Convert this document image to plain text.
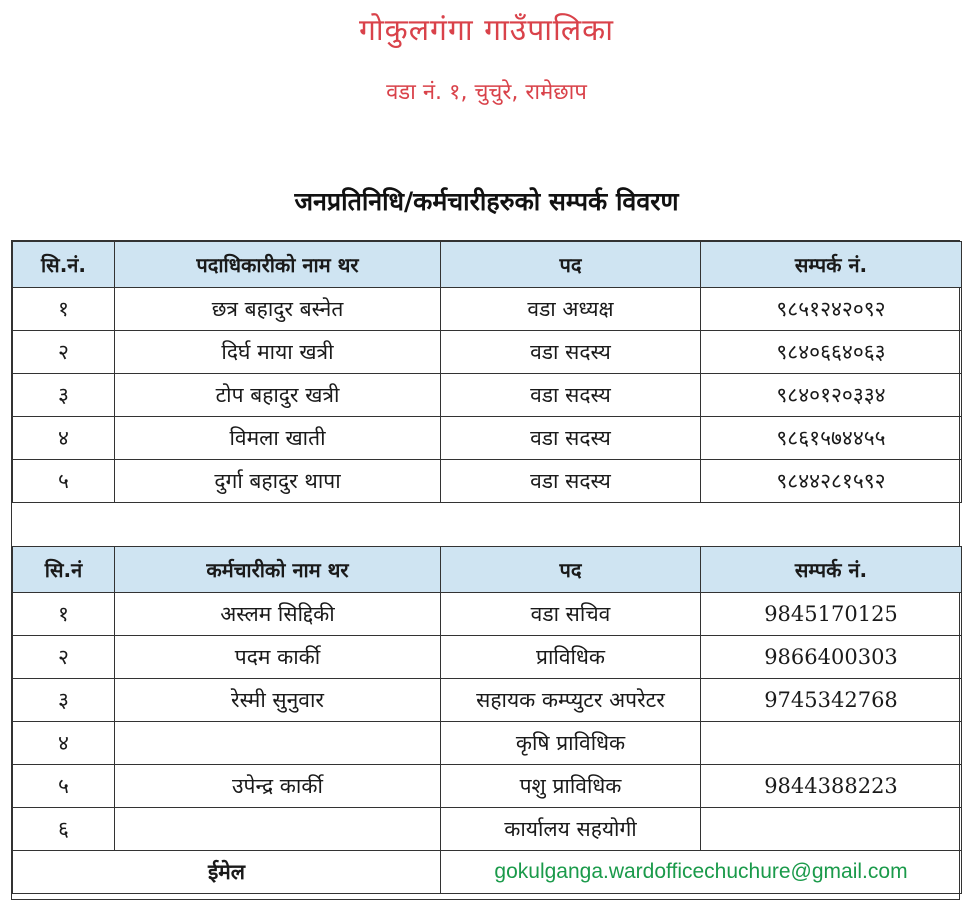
गोकुलगंगा गाउँपालिका
वडा नं. १, चुचुरे, रामेछाप
जनप्रतिनिधि/कर्मचारीहरुको सम्पर्क विवरण
सि.नं.	पदाधिकारीको नाम थर	पद	सम्पर्क नं.
१	छत्र बहादुर बस्नेत	वडा अध्यक्ष	९८५१२४२०९२
२	दिर्घ माया खत्री	वडा सदस्य	९८४०६६४०६३
३	टोप बहादुर खत्री	वडा सदस्य	९८४०१२०३३४
४	विमला खाती	वडा सदस्य	९८६१५७४४५५
५	दुर्गा बहादुर थापा	वडा सदस्य	९८४४२८१५९२
सि.नं	कर्मचारीको नाम थर	पद	सम्पर्क नं.
१	अस्लम सिद्दिकी	वडा सचिव	9845170125
२	पदम कार्की	प्राविधिक	9866400303
३	रेस्मी सुनुवार	सहायक कम्प्युटर अपरेटर	9745342768
४		कृषि प्राविधिक	
५	उपेन्द्र कार्की	पशु प्राविधिक	9844388223
६		कार्यालय सहयोगी	
ईमेल		gokulganga.wardofficechuchure@gmail.com	
